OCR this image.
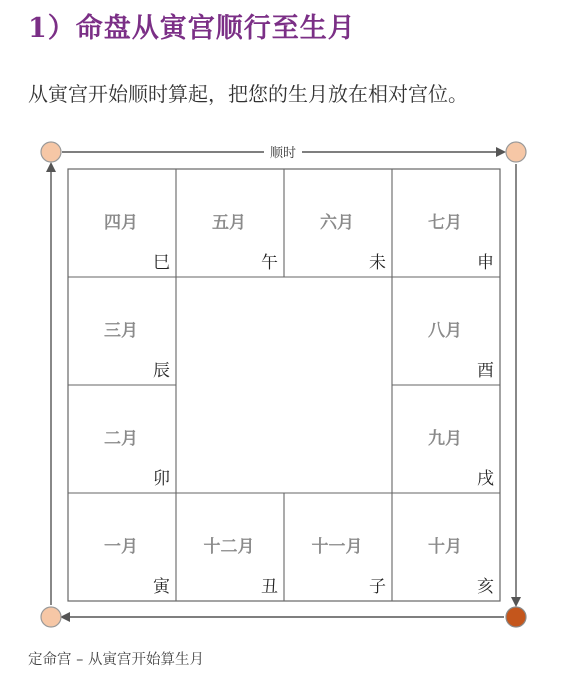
1）命盘从寅宫顺行至生月

从寅宫开始顺时算起，把您的生月放在相对宫位。

顺时
四月
巳
五月
午
六月
未
七月
申
三月
辰
八月
酉
二月
卯
九月
戌
一月
寅
十二月
丑
十一月
子
十月
亥

定命宫 – 从寅宫开始算生月
